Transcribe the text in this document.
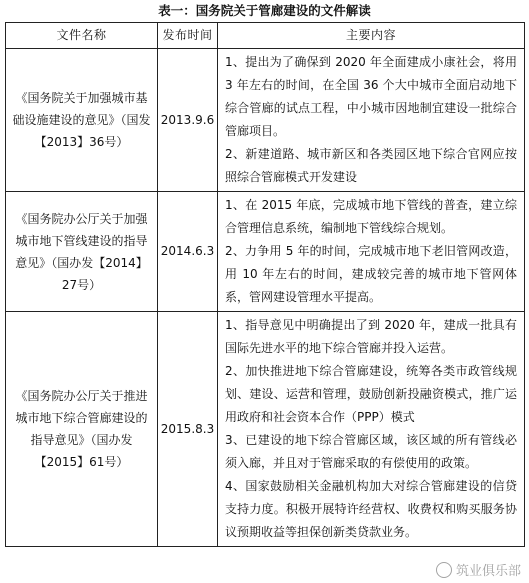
表一：国务院关于管廊建设的文件解读
文件名称	发布时间	主要内容
《国务院关于加强城市基础设施建设的意见》（国发【2013】36号）	2013.9.6	1、提出为了确保到 2020 年全面建成小康社会，将用 3 年左右的时间，在全国 36 个大中城市全面启动地下综合管廊的试点工程，中小城市因地制宜建设一批综合管廊项目。

2、新建道路、城市新区和各类园区地下综合官网应按照综合管廊模式开发建设

《国务院办公厅关于加强城市地下管线建设的指导意见》（国办发【2014】27号）	2014.6.3	1、在 2015 年底，完成城市地下管线的普查，建立综合管理信息系统，编制地下管线综合规划。

2、力争用 5 年的时间，完成城市地下老旧管网改造，用 10 年左右的时间，建成较完善的城市地下管网体系，管网建设管理水平提高。

《国务院办公厅关于推进城市地下综合管廊建设的指导意见》（国办发【2015】61号）	2015.8.3	1、指导意见中明确提出了到 2020 年，建成一批具有国际先进水平的地下综合管廊并投入运营。

2、加快推进地下综合管廊建设，统筹各类市政管线规划、建设、运营和管理，鼓励创新投融资模式，推广运用政府和社会资本合作（PPP）模式

3、已建设的地下综合管廊区域，该区域的所有管线必须入廊，并且对于管廊采取的有偿使用的政策。

4、国家鼓励相关金融机构加大对综合管廊建设的信贷支持力度。积极开展特许经营权、收费权和购买服务协议预期收益等担保创新类贷款业务。

筑业俱乐部
